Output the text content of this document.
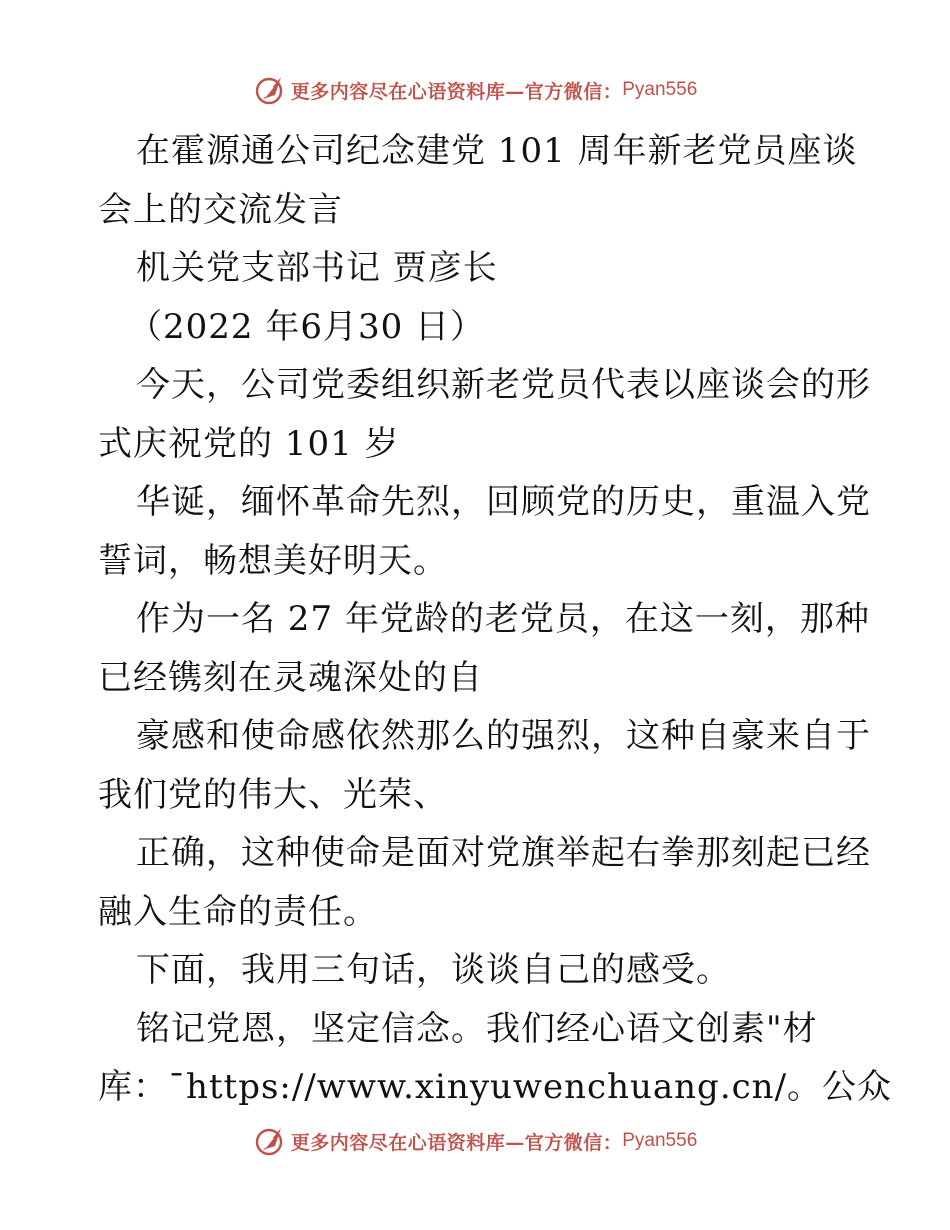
更多内容尽在心语资料库—官方微信： Pyan556
在霍源通公司纪念建党 101 周年新老党员座谈
会上的交流发言
机关党支部书记 贾彦长
（2022 年6月30 日）
今天，公司党委组织新老党员代表以座谈会的形
式庆祝党的 101 岁
华诞，缅怀革命先烈，回顾党的历史，重温入党
誓词，畅想美好明天。
作为一名 27 年党龄的老党员，在这一刻，那种
已经镌刻在灵魂深处的自
豪感和使命感依然那么的强烈，这种自豪来自于
我们党的伟大、光荣、
正确，这种使命是面对党旗举起右拳那刻起已经
融入生命的责任。
下面，我用三句话，谈谈自己的感受。
铭记党恩，坚定信念。我们经心语文创素"材
库：¯https://www.xinyuwenchuang.cn/。公众
更多内容尽在心语资料库—官方微信： Pyan556
